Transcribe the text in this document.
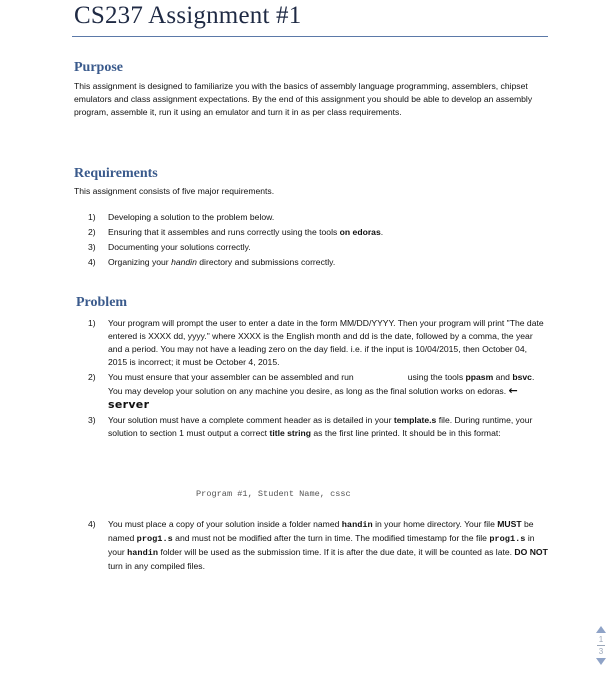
CS237 Assignment #1
Purpose
This assignment is designed to familiarize you with the basics of assembly language programming, assemblers, chipset emulators and class assignment expectations. By the end of this assignment you should be able to develop an assembly program, assemble it, run it using an emulator and turn it in as per class requirements.
Requirements
This assignment consists of five major requirements.
1) Developing a solution to the problem below.
2) Ensuring that it assembles and runs correctly using the tools on edoras.
3) Documenting your solutions correctly.
4) Organizing your handin directory and submissions correctly.
Problem
1) Your program will prompt the user to enter a date in the form MM/DD/YYYY. Then your program will print "The date entered is XXXX dd, yyyy." where XXXX is the English month and dd is the date, followed by a comma, the year and a period. You may not have a leading zero on the day field. i.e. if the input is 10/04/2015, then October 04, 2015 is incorrect; it must be October 4, 2015.
2) You must ensure that your assembler can be assembled and run	using the tools ppasm and bsvc. You may develop your solution on any machine you desire, as long as the final solution works on edoras. ← server
3) Your solution must have a complete comment header as is detailed in your template.s file. During runtime, your solution to section 1 must output a correct title string as the first line printed. It should be in this format:
Program #1, Student Name, cssc
4) You must place a copy of your solution inside a folder named handin in your home directory. Your file MUST be named prog1.s and must not be modified after the turn in time. The modified timestamp for the file prog1.s in your handin folder will be used as the submission time. If it is after the due date, it will be counted as late. DO NOT turn in any compiled files.
1
3
